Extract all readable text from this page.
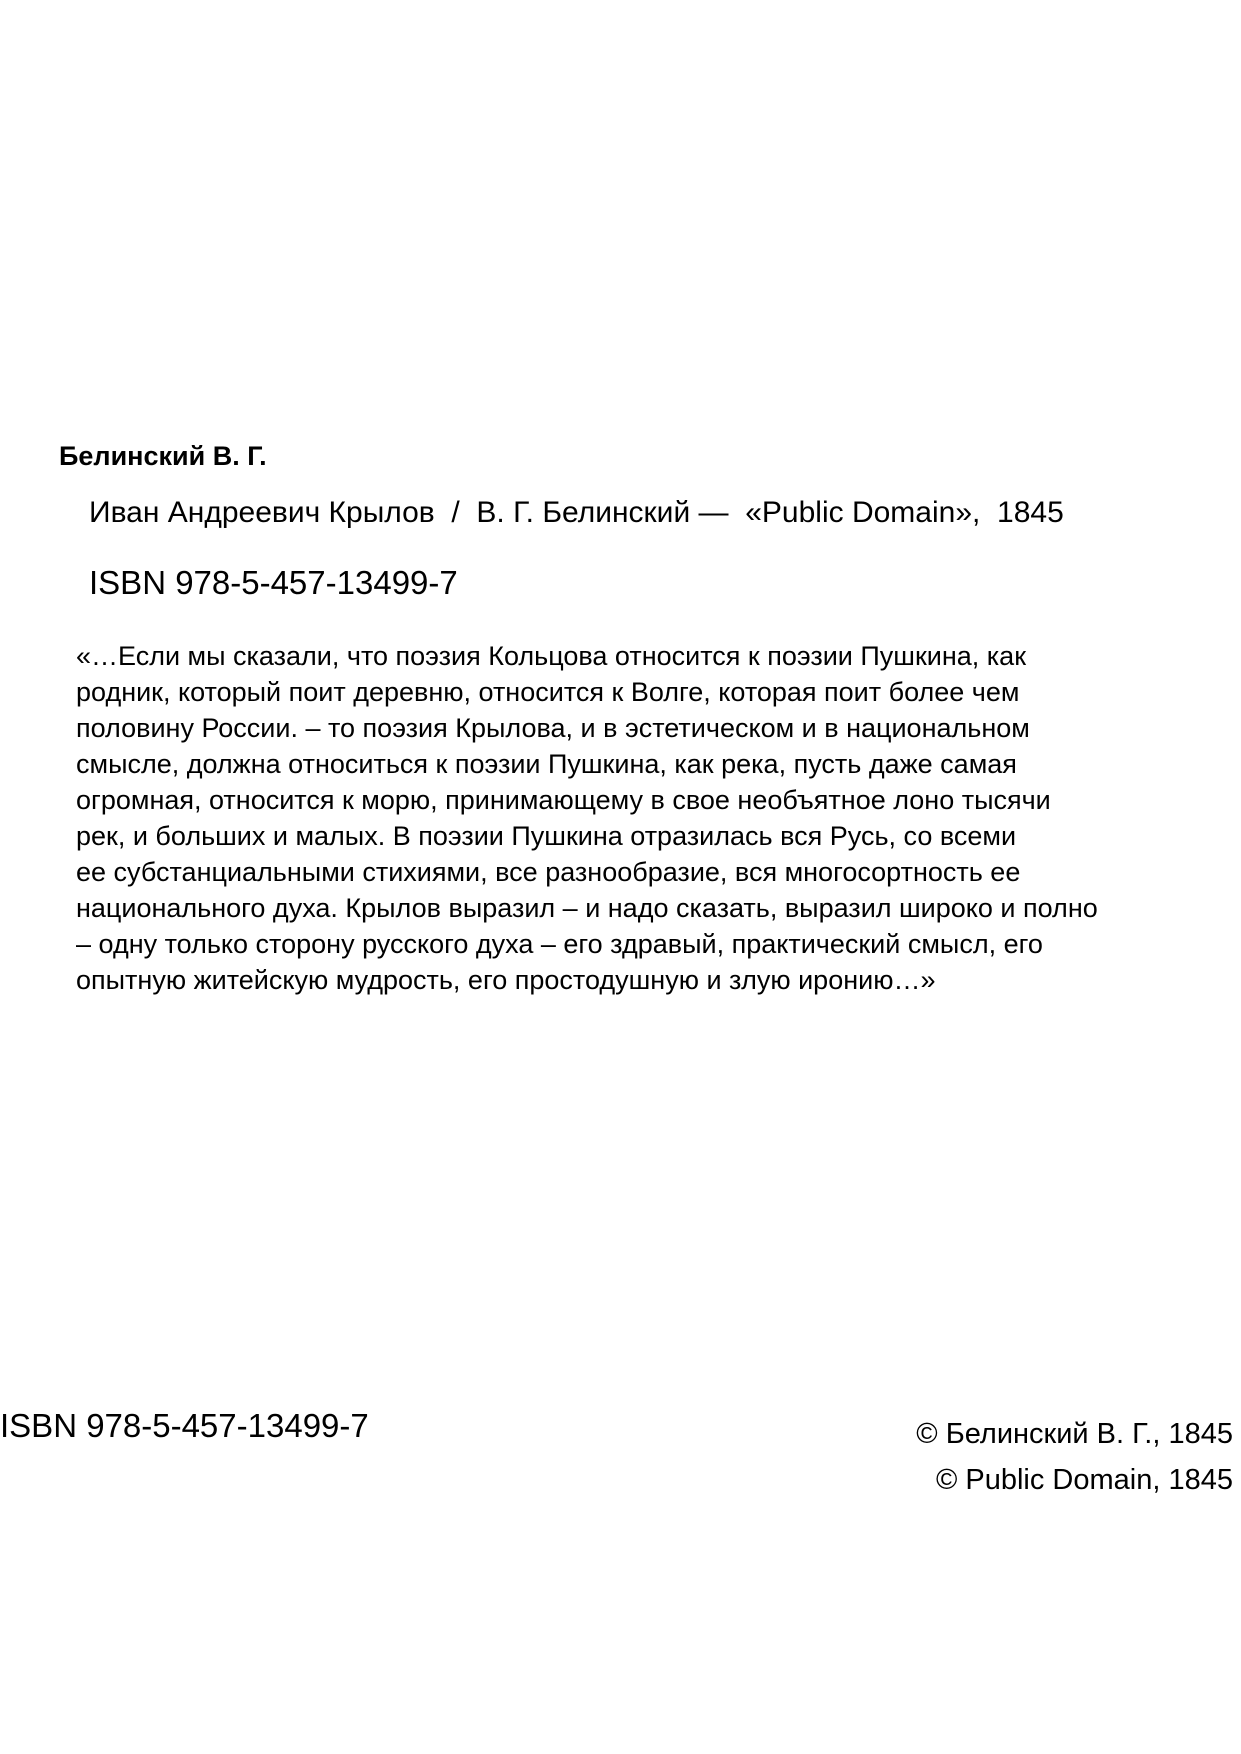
Белинский В. Г.
Иван Андреевич Крылов / В. Г. Белинский — «Public Domain», 1845
ISBN 978-5-457-13499-7
«…Если мы сказали, что поэзия Кольцова относится к поэзии Пушкина, как
родник, который поит деревню, относится к Волге, которая поит более чем
половину России. – то поэзия Крылова, и в эстетическом и в национальном
смысле, должна относиться к поэзии Пушкина, как река, пусть даже самая
огромная, относится к морю, принимающему в свое необъятное лоно тысячи
рек, и больших и малых. В поэзии Пушкина отразилась вся Русь, со всеми
ее субстанциальными стихиями, все разнообразие, вся многосортность ее
национального духа. Крылов выразил – и надо сказать, выразил широко и полно
– одну только сторону русского духа – его здравый, практический смысл, его
опытную житейскую мудрость, его простодушную и злую иронию…»
ISBN 978-5-457-13499-7	© Белинский В. Г., 1845
© Public Domain, 1845
